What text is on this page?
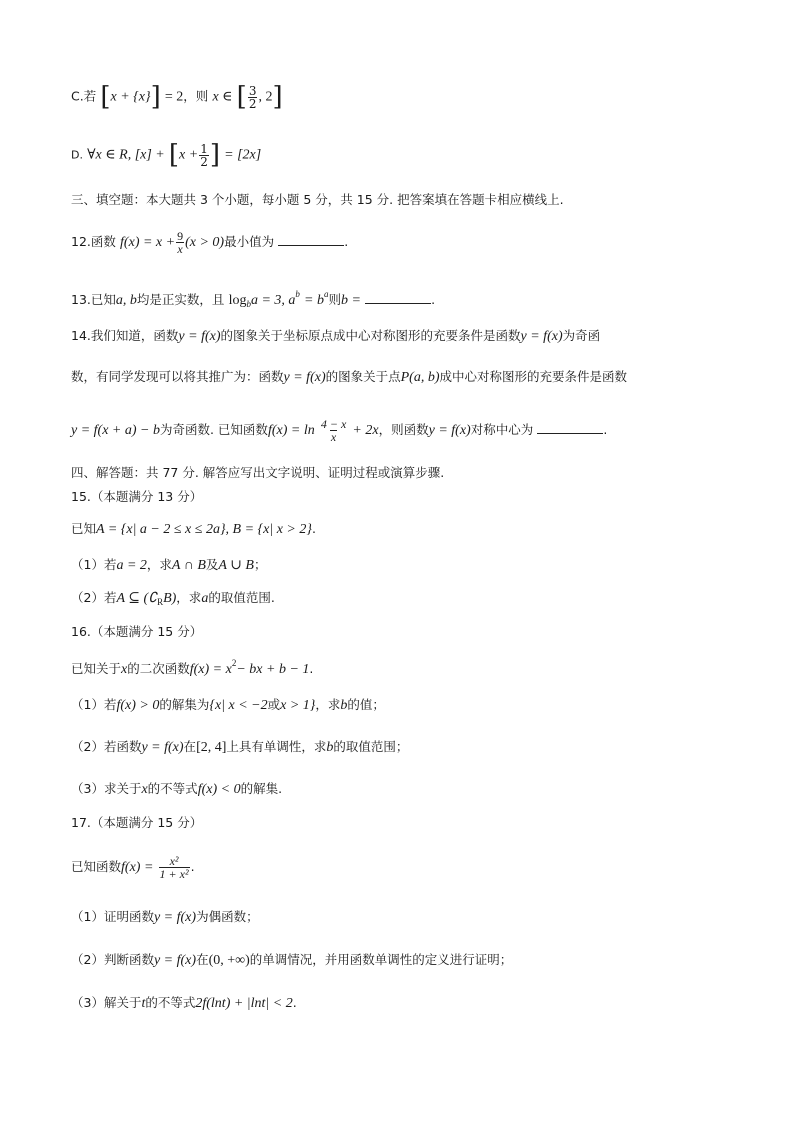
C.若 [x + {x}] = 2，则 x ∈ [ $\frac{3}{2}$ , 2]
D. ∀x ∈ R, $[x] + [x + \frac{1}{2}$ ] = [2x]
三、填空题：本大题共 3 个小题，每小题 5 分，共 15 分. 把答案填在答题卡相应横线上.
12.函数 $f(x) = x + \frac{9}{x} (x > 0)$最小值为	.
13.已知a, b均是正实数，且 $\log_ba = 3$, $a^b = b^a$则b =	.
14.我们知道，函数y = f(x)的图象关于坐标原点成中心对称图形的充要条件是函数y = f(x)为奇函
数，有同学发现可以将其推广为：函数y = f(x)的图象关于点P(a, b)成中心对称图形的充要条件是函数
y = f(x + a) − b为奇函数. 已知函数$f(x) = \ln \frac{4 - x}{x} + 2x$，则函数y = f(x)对称中心为	.
四、解答题：共 77 分. 解答应写出文字说明、证明过程或演算步骤.
15.（本题满分 13 分）
已知A = {x| a − 2 ≤ x ≤ 2a}, B = {x| x > 2}.
（1）若a = 2，求A ∩ B及A ∪ B；
（2）若A ⊆ $(∁_RB)$，求a的取值范围.
16.（本题满分 15 分）
已知关于x的二次函数$f(x) = x^2-$ bx + b − 1.
（1）若f(x) > 0的解集为{x| x < −2或x > 1}，求b的值；
（2）若函数y = f(x)在[2, 4]上具有单调性，求b的取值范围；
（3）求关于x的不等式f(x) < 0的解集.
17.（本题满分 15 分）
已知函数$f(x) = \frac{\text{x²}}{\text{1 + x²}}$ .
（1）证明函数y = f(x)为偶函数；
（2）判断函数y = f(x)在(0, +∞)的单调情况，并用函数单调性的定义进行证明；
（3）解关于t的不等式2f(lnt) + |lnt| < 2.
